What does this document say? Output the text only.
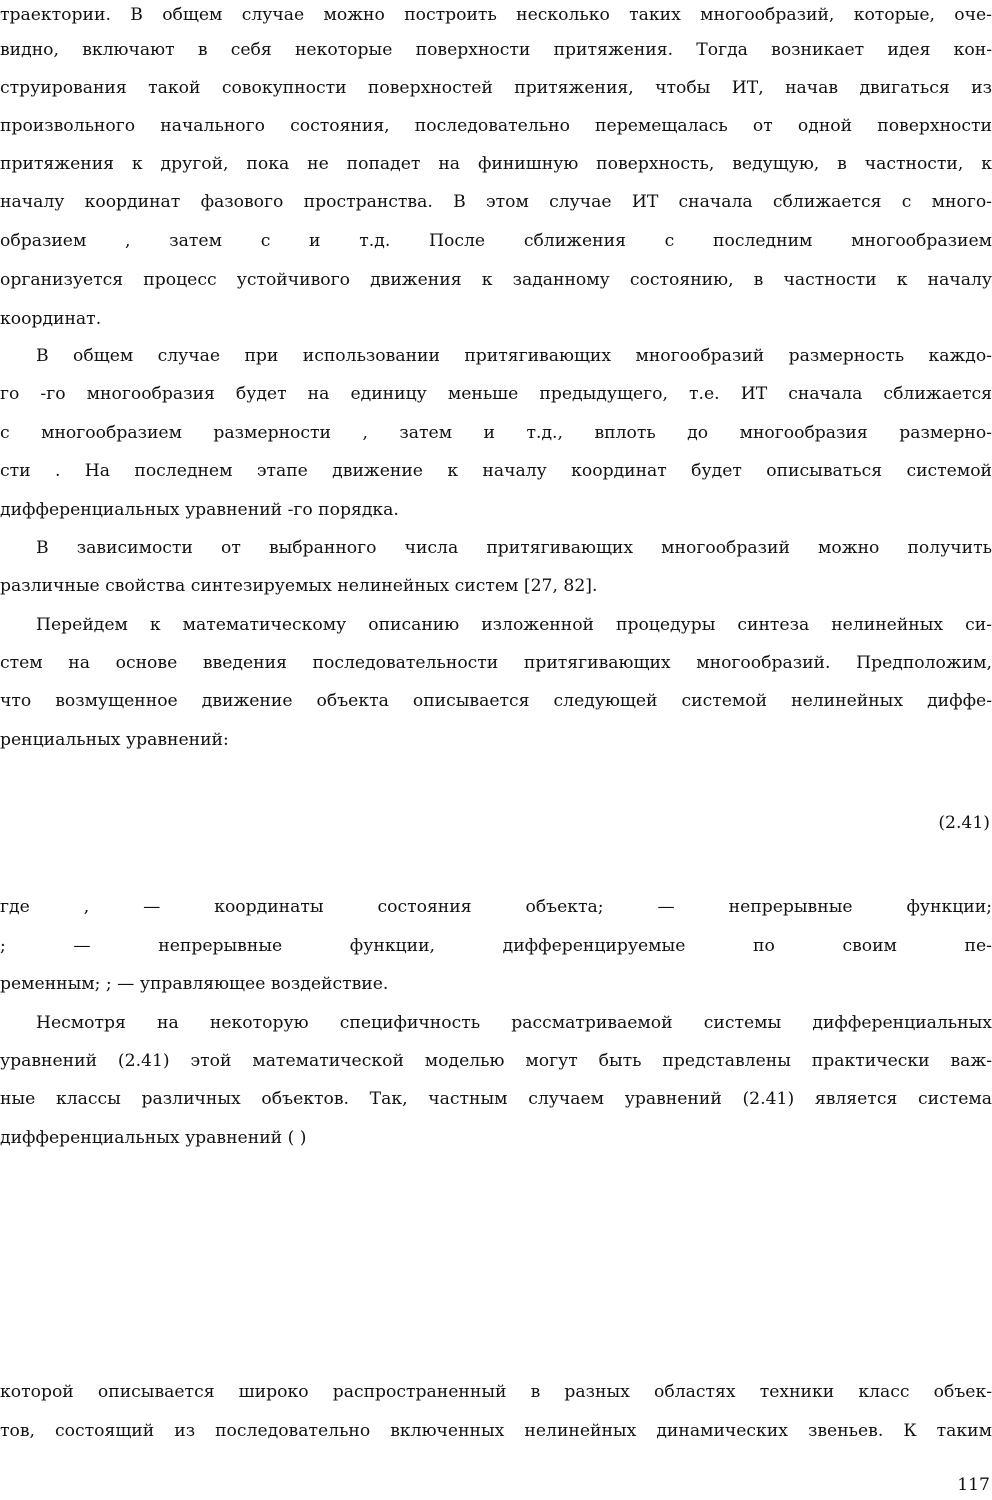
траектории. В общем случае можно построить несколько таких многообразий, которые, оче-
видно, включают в себя некоторые поверхности притяжения. Тогда возникает идея кон-
струирования такой совокупности поверхностей притяжения, чтобы ИТ, начав двигаться из
произвольного начального состояния, последовательно перемещалась от одной поверхности
притяжения к другой, пока не попадет на финишную поверхность, ведущую, в частности, к
началу координат фазового пространства. В этом случае ИТ сначала сближается с много-
образием , затем с и т.д. После сближения с последним многообразием
организуется процесс устойчивого движения к заданному состоянию, в частности к началу
координат.
В общем случае при использовании притягивающих многообразий размерность каждо-
го -го многообразия будет на единицу меньше предыдущего, т.е. ИТ сначала сближается
с многообразием размерности , затем и т.д., вплоть до многообразия размерно-
сти . На последнем этапе движение к началу координат будет описываться системой
дифференциальных уравнений -го порядка.
В зависимости от выбранного числа притягивающих многообразий можно получить
различные свойства синтезируемых нелинейных систем [27, 82].
Перейдем к математическому описанию изложенной процедуры синтеза нелинейных си-
стем на основе введения последовательности притягивающих многообразий. Предположим,
что возмущенное движение объекта описывается следующей системой нелинейных диффе-
ренциальных уравнений:
(2.41)
где , — координаты состояния объекта; — непрерывные функции;
; — непрерывные функции, дифференцируемые по своим пе-
ременным; ; — управляющее воздействие.
Несмотря на некоторую специфичность рассматриваемой системы дифференциальных
уравнений (2.41) этой математической моделью могут быть представлены практически важ-
ные классы различных объектов. Так, частным случаем уравнений (2.41) является система
дифференциальных уравнений ( )
которой описывается широко распространенный в разных областях техники класс объек-
тов, состоящий из последовательно включенных нелинейных динамических звеньев. К таким
117
